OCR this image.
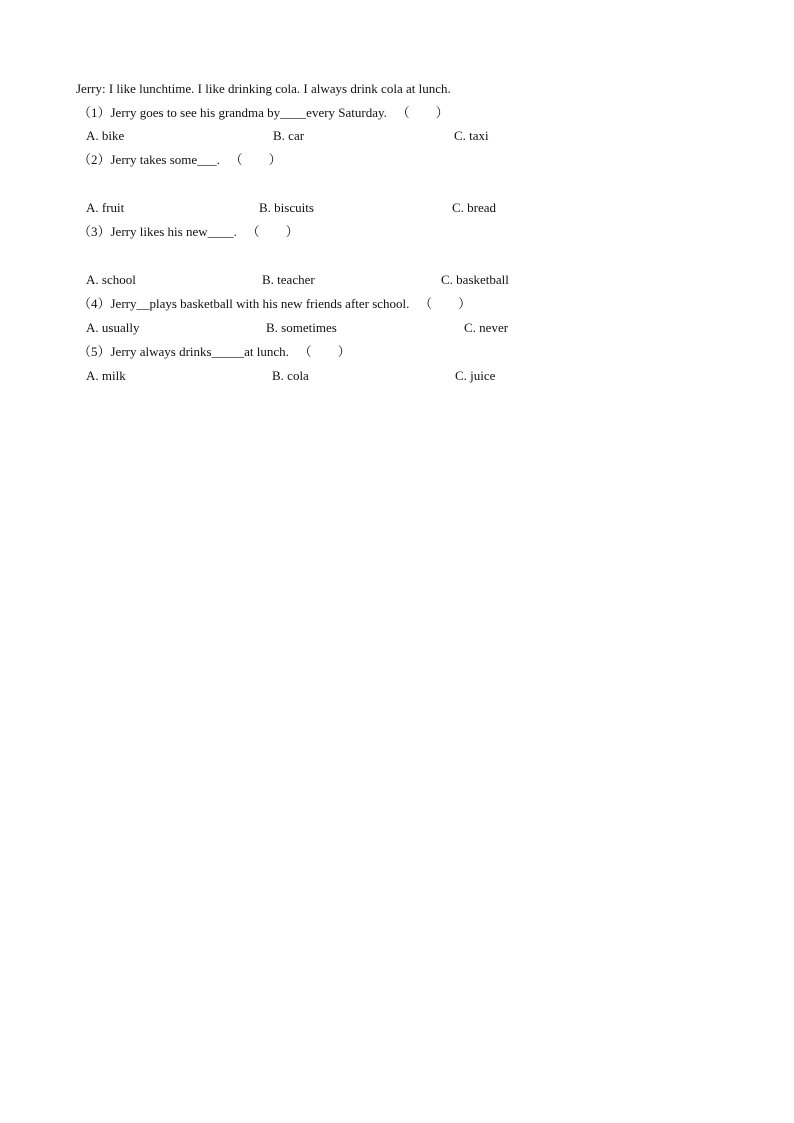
Jerry: I like lunchtime. I like drinking cola. I always drink cola at lunch.
（1）Jerry goes to see his grandma by____every Saturday.   （        ）
A. bike	B. car	C. taxi
（2）Jerry takes some___.   （        ）
A. fruit	B. biscuits	C. bread
（3）Jerry likes his new____.   （        ）
A. school	B. teacher	C. basketball
（4）Jerry__plays basketball with his new friends after school.   （        ）
A. usually	B. sometimes	C. never
（5）Jerry always drinks_____at lunch.   （        ）
A. milk	B. cola	C. juice
